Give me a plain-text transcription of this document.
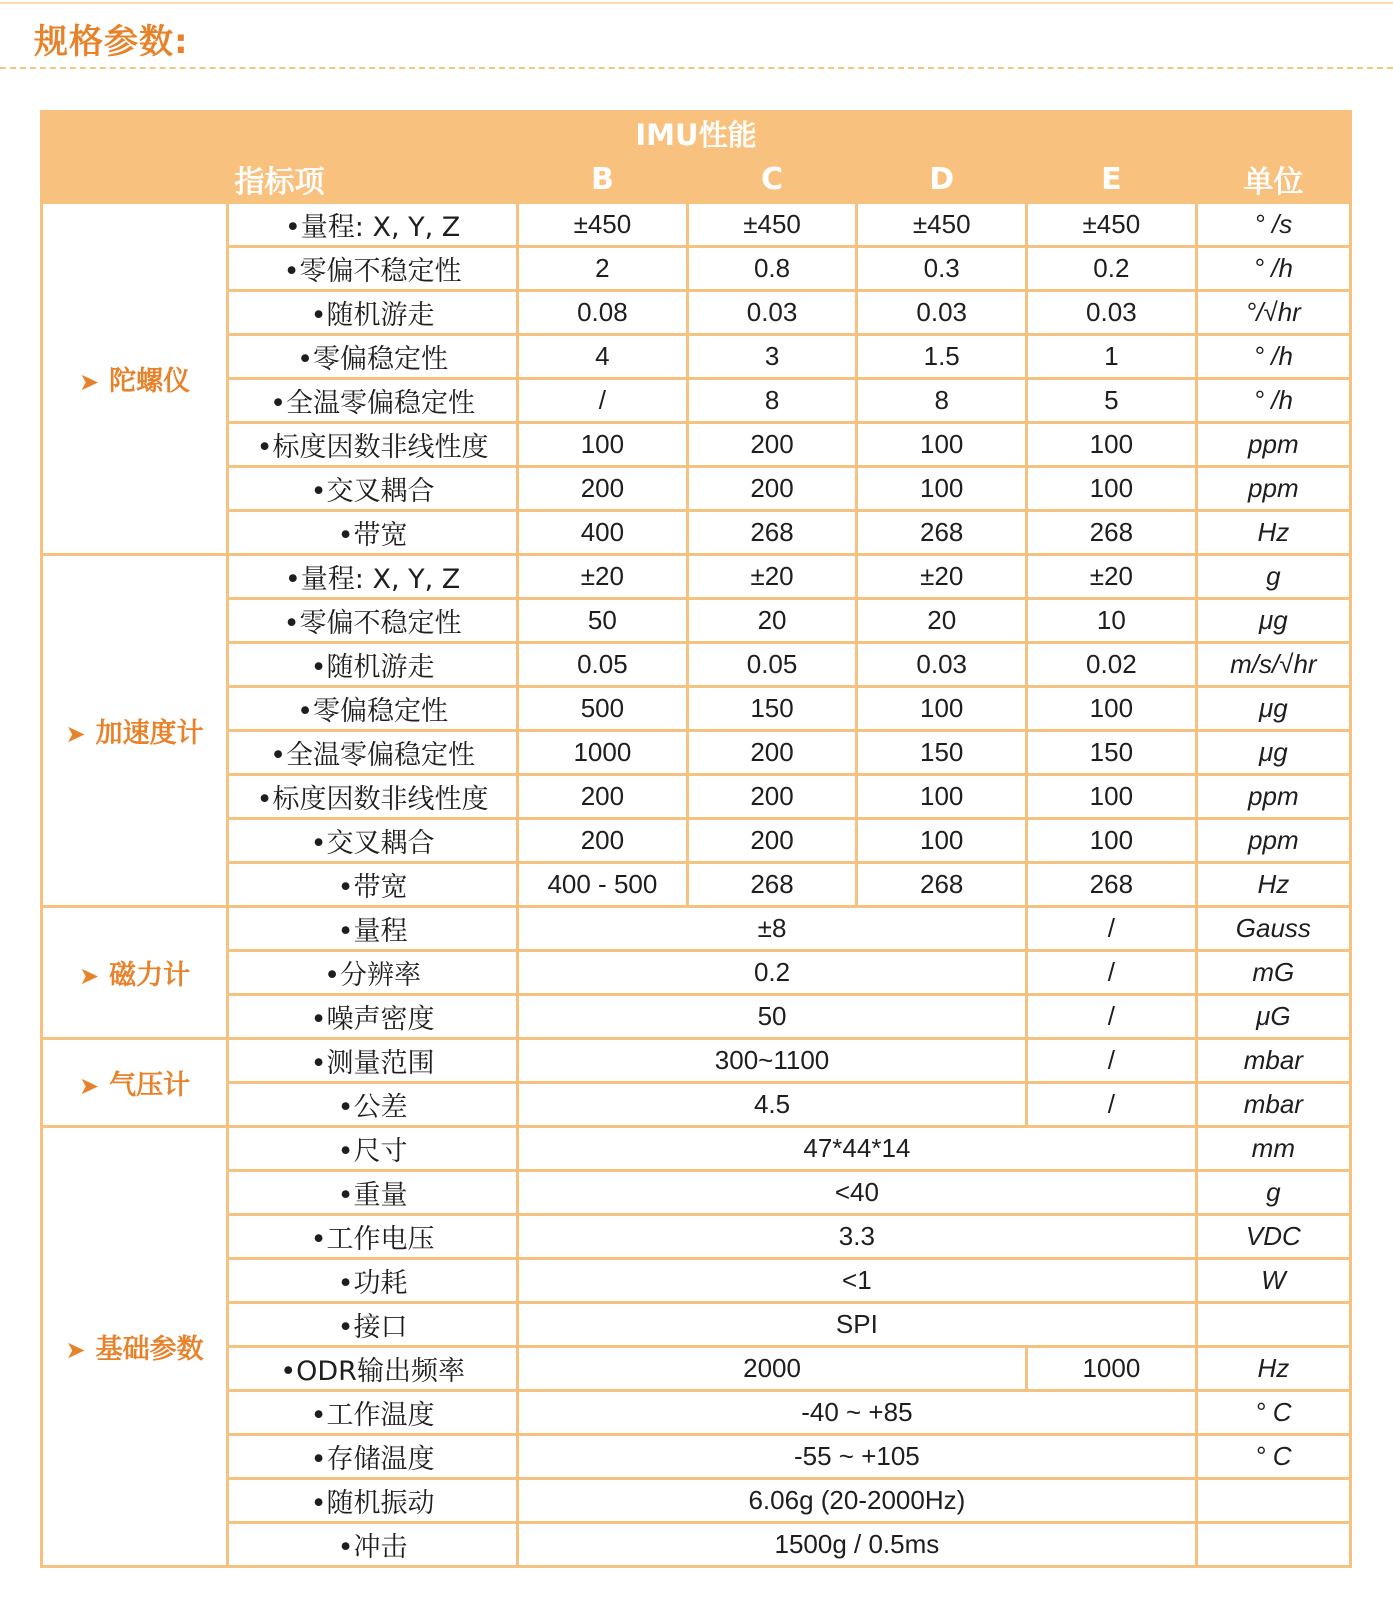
规格参数:
IMU性能						
指标项		B	C	D	E	单位
➤ 陀螺仪	•量程: X, Y, Z	±450	±450	±450	±450	° /s
	•零偏不稳定性	2	0.8	0.3	0.2	° /h
	•随机游走	0.08	0.03	0.03	0.03	°/√hr
	•零偏稳定性	4	3	1.5	1	° /h
	•全温零偏稳定性	/	8	8	5	° /h
	•标度因数非线性度	100	200	100	100	ppm
	•交叉耦合	200	200	100	100	ppm
	•带宽	400	268	268	268	Hz
➤ 加速度计	•量程: X, Y, Z	±20	±20	±20	±20	g
	•零偏不稳定性	50	20	20	10	μg
	•随机游走	0.05	0.05	0.03	0.02	m/s/√hr
	•零偏稳定性	500	150	100	100	μg
	•全温零偏稳定性	1000	200	150	150	μg
	•标度因数非线性度	200	200	100	100	ppm
	•交叉耦合	200	200	100	100	ppm
	•带宽	400 - 500	268	268	268	Hz
➤ 磁力计	•量程	±8			/	Gauss
	•分辨率	0.2			/	mG
	•噪声密度	50			/	μG
➤ 气压计	•测量范围	300~1100			/	mbar
	•公差	4.5			/	mbar
➤ 基础参数	•尺寸	47*44*14				mm
	•重量	<40				g
	•工作电压	3.3				VDC
	•功耗	<1				W
	•接口	SPI				
	•ODR输出频率	2000			1000	Hz
	•工作温度	-40 ~ +85				° C
	•存储温度	-55 ~ +105				° C
	•随机振动	6.06g (20-2000Hz)				
	•冲击	1500g / 0.5ms				
